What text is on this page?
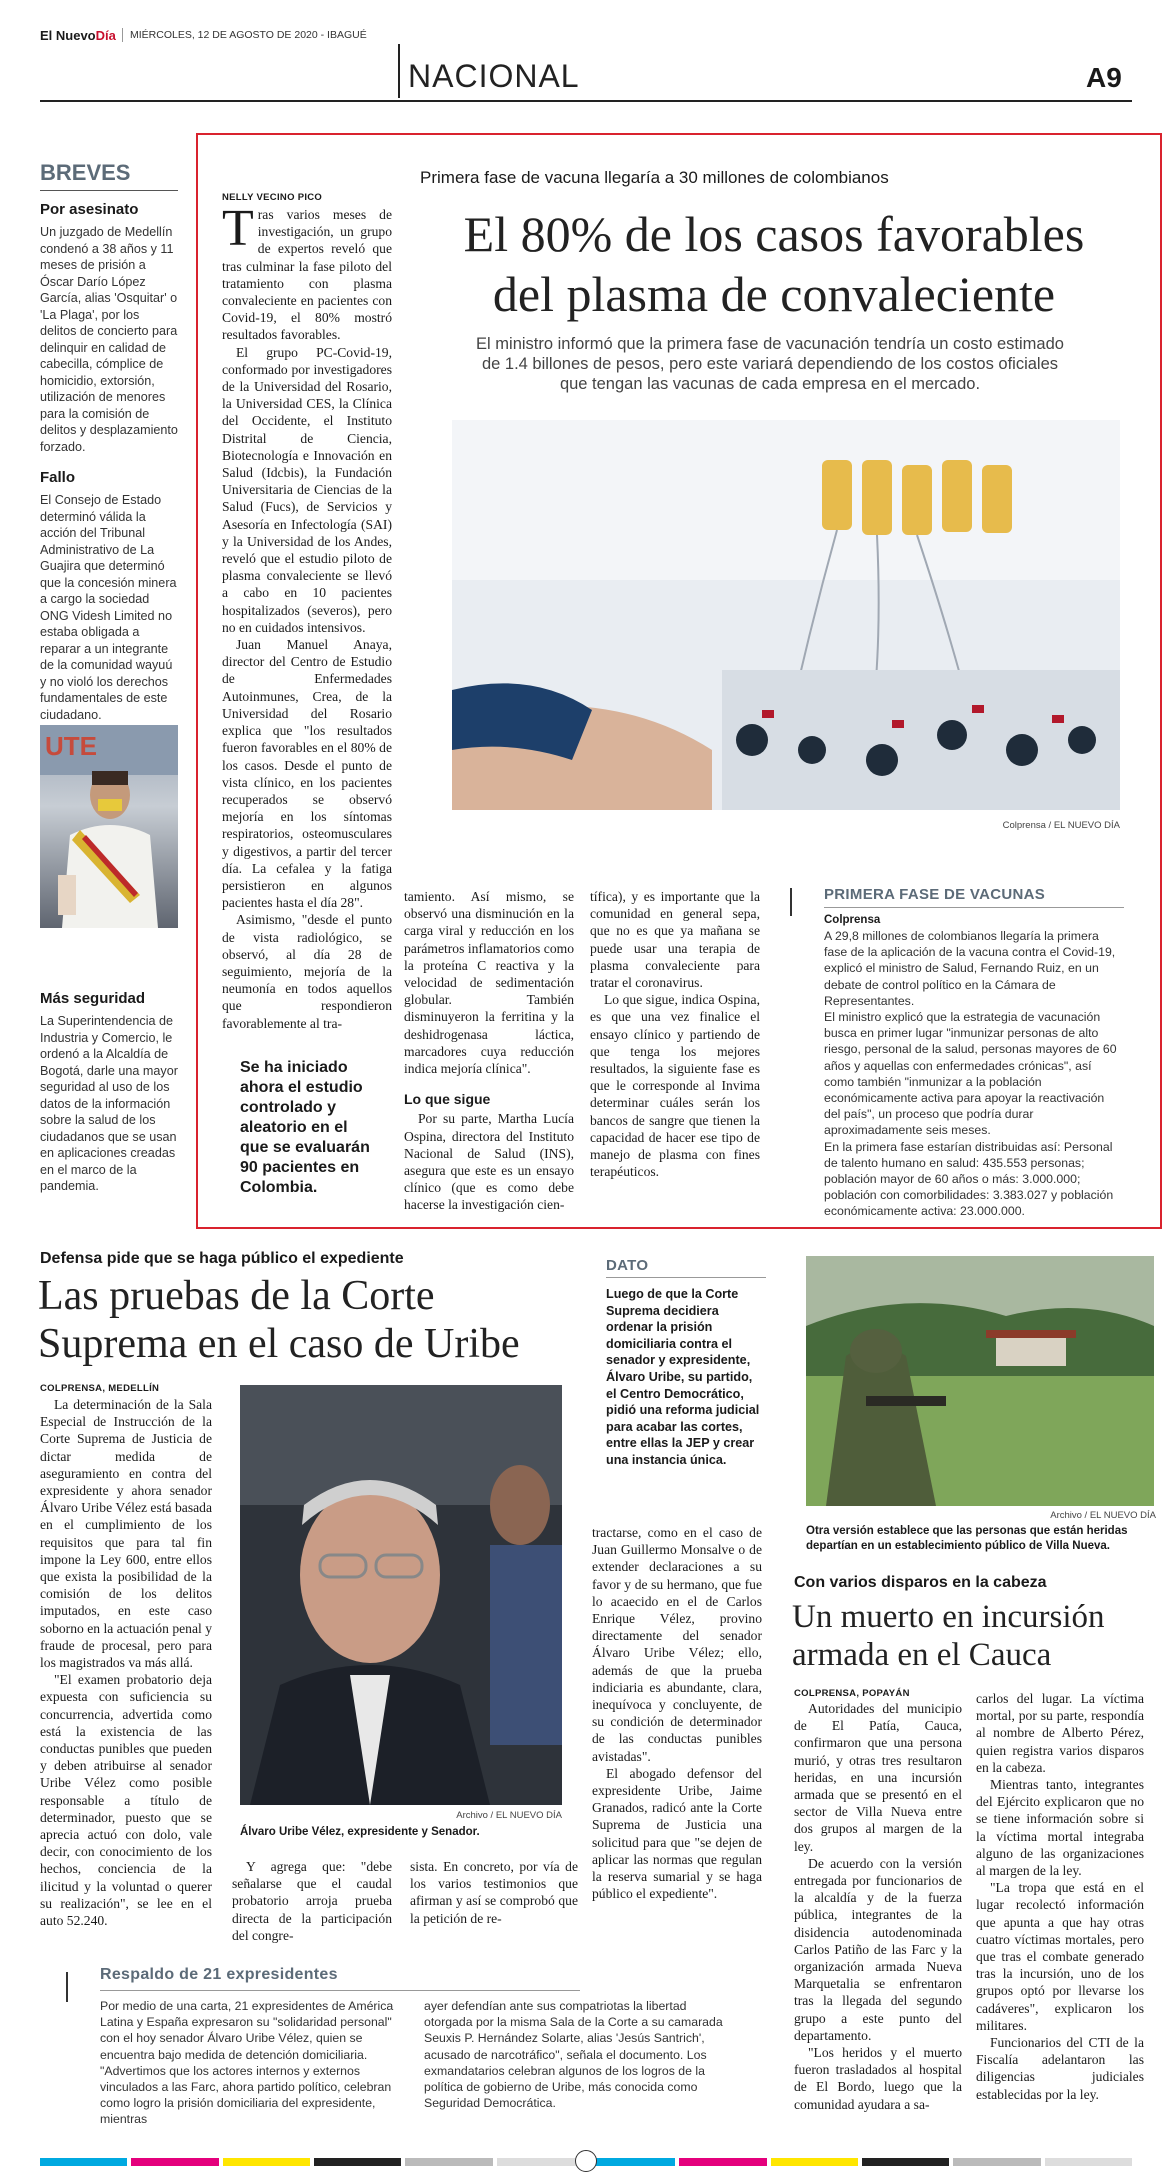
El NuevoDía MIÉRCOLES, 12 DE AGOSTO DE 2020 - IBAGUÉ
NACIONAL	A9
BREVES
Por asesinato

Un juzgado de Medellín condenó a 38 años y 11 meses de prisión a Óscar Darío López García, alias 'Osquitar' o 'La Plaga', por los delitos de concierto para delinquir en calidad de cabecilla, cómplice de homicidio, extorsión, utilización de menores para la comisión de delitos y desplazamiento forzado.

Fallo

El Consejo de Estado determinó válida la acción del Tribunal Administrativo de La Guajira que determinó que la concesión minera a cargo la sociedad ONG Videsh Limited no estaba obligada a reparar a un integrante de la comunidad wayuú y no violó los derechos fundamentales de este ciudadano.

UTE
Más seguridad

La Superintendencia de Industria y Comercio, le ordenó a la Alcaldía de Bogotá, darle una mayor seguridad al uso de los datos de la información sobre la salud de los ciudadanos que se usan en aplicaciones creadas en el marco de la pandemia.

Primera fase de vacuna llegaría a 30 millones de colombianos
El 80% de los casos favorables
del plasma de convaleciente
El ministro informó que la primera fase de vacunación tendría un costo estimado de 1.4 billones de pesos, pero este variará dependiendo de los costos oficiales que tengan las vacunas de cada empresa en el mercado.
Colprensa / EL NUEVO DÍA
NELLY VECINO PICO

Tras varios meses de investigación, un grupo de expertos reveló que tras culminar la fase piloto del tratamiento con plasma convaleciente en pacientes con Covid-19, el 80% mostró resultados favorables.

El grupo PC-Covid-19, conformado por investigadores de la Universidad del Rosario, la Universidad CES, la Clínica del Occidente, el Instituto Distrital de Ciencia, Biotecnología e Innovación en Salud (Idcbis), la Fundación Universitaria de Ciencias de la Salud (Fucs), de Servicios y Asesoría en Infectología (SAI) y la Universidad de los Andes, reveló que el estudio piloto de plasma convaleciente se llevó a cabo en 10 pacientes hospitalizados (severos), pero no en cuidados intensivos.

Juan Manuel Anaya, director del Centro de Estudio de Enfermedades Autoinmunes, Crea, de la Universidad del Rosario explica que "los resultados fueron favorables en el 80% de los casos. Desde el punto de vista clínico, en los pacientes recuperados se observó mejoría en los síntomas respiratorios, osteomusculares y digestivos, a partir del tercer día. La cefalea y la fatiga persistieron en algunos pacientes hasta el día 28".

Asimismo, "desde el punto de vista radiológico, se observó, al día 28 de seguimiento, mejoría de la neumonía en todos aquellos que respondieron favorablemente al tra-

Se ha iniciado ahora el estudio controlado y aleatorio en el que se evaluarán 90 pacientes en Colombia.

tamiento. Así mismo, se observó una disminución en la carga viral y reducción en los parámetros inflamatorios como la proteína C reactiva y la velocidad de sedimentación globular. También disminuyeron la ferritina y la deshidrogenasa láctica, marcadores cuya reducción indica mejoría clínica".

Lo que sigue

Por su parte, Martha Lucía Ospina, directora del Instituto Nacional de Salud (INS), asegura que este es un ensayo clínico (que es como debe hacerse la investigación cien-

tífica), y es importante que la comunidad en general sepa, que no es que ya mañana se puede usar una terapia de plasma convaleciente para tratar el coronavirus.

Lo que sigue, indica Ospina, es que una vez finalice el ensayo clínico y partiendo de que tenga los mejores resultados, la siguiente fase es que le corresponde al Invima determinar cuáles serán los bancos de sangre que tienen la capacidad de hacer ese tipo de manejo de plasma con fines terapéuticos.

PRIMERA FASE DE VACUNAS
Colprensa

A 29,8 millones de colombianos llegaría la primera fase de la aplicación de la vacuna contra el Covid-19, explicó el ministro de Salud, Fernando Ruiz, en un debate de control político en la Cámara de Representantes.

El ministro explicó que la estrategia de vacunación busca en primer lugar "inmunizar personas de alto riesgo, personal de la salud, personas mayores de 60 años y aquellas con enfermedades crónicas", así como también "inmunizar a la población económicamente activa para apoyar la reactivación del país", un proceso que podría durar aproximadamente seis meses.

En la primera fase estarían distribuidas así: Personal de talento humano en salud: 435.553 personas; población mayor de 60 años o más: 3.000.000; población con comorbilidades: 3.383.027 y población económicamente activa: 23.000.000.

Defensa pide que se haga público el expediente
Las pruebas de la Corte
Suprema en el caso de Uribe
COLPRENSA, MEDELLÍN

La determinación de la Sala Especial de Instrucción de la Corte Suprema de Justicia de dictar medida de aseguramiento en contra del expresidente y ahora senador Álvaro Uribe Vélez está basada en el cumplimiento de los requisitos que para tal fin impone la Ley 600, entre ellos que exista la posibilidad de la comisión de los delitos imputados, en este caso soborno en la actuación penal y fraude de procesal, pero para los magistrados va más allá.

"El examen probatorio deja expuesta con suficiencia su concurrencia, advertida como está la existencia de las conductas punibles que pueden y deben atribuirse al senador Uribe Vélez como posible responsable a título de determinador, puesto que se aprecia actuó con dolo, vale decir, con conocimiento de los hechos, conciencia de la ilicitud y la voluntad o querer su realización", se lee en el auto 52.240.

Archivo / EL NUEVO DÍA
Álvaro Uribe Vélez, expresidente y Senador.

Y agrega que: "debe señalarse que el caudal probatorio arroja prueba directa de la participación del congre-

sista. En concreto, por vía de los varios testimonios que afirman y así se comprobó que la petición de re-

tractarse, como en el caso de Juan Guillermo Monsalve o de extender declaraciones a su favor y de su hermano, que fue lo acaecido en el de Carlos Enrique Vélez, provino directamente del senador Álvaro Uribe Vélez; ello, además de que la prueba indiciaria es abundante, clara, inequívoca y concluyente, de su condición de determinador de las conductas punibles avistadas".

El abogado defensor del expresidente Uribe, Jaime Granados, radicó ante la Corte Suprema de Justicia una solicitud para que "se dejen de aplicar las normas que regulan la reserva sumarial y se haga público el expediente".

DATO
Luego de que la Corte Suprema decidiera ordenar la prisión domiciliaria contra el senador y expresidente, Álvaro Uribe, su partido, el Centro Democrático, pidió una reforma judicial para acabar las cortes, entre ellas la JEP y crear una instancia única.
Respaldo de 21 expresidentes
Por medio de una carta, 21 expresidentes de América Latina y España expresaron su "solidaridad personal" con el hoy senador Álvaro Uribe Vélez, quien se encuentra bajo medida de detención domiciliaria. "Advertimos que los actores internos y externos vinculados a las Farc, ahora partido político, celebran como logro la prisión domiciliaria del expresidente, mientras
ayer defendían ante sus compatriotas la libertad otorgada por la misma Sala de la Corte a su camarada Seuxis P. Hernández Solarte, alias 'Jesús Santrich', acusado de narcotráfico", señala el documento. Los exmandatarios celebran algunos de los logros de la política de gobierno de Uribe, más conocida como Seguridad Democrática.
Archivo / EL NUEVO DÍA
Otra versión establece que las personas que están heridas departían en un establecimiento público de Villa Nueva.
Con varios disparos en la cabeza
Un muerto en incursión
armada en el Cauca
COLPRENSA, POPAYÁN

Autoridades del municipio de El Patía, Cauca, confirmaron que una persona murió, y otras tres resultaron heridas, en una incursión armada que se presentó en el sector de Villa Nueva entre dos grupos al margen de la ley.

De acuerdo con la versión entregada por funcionarios de la alcaldía y de la fuerza pública, integrantes de la disidencia autodenominada Carlos Patiño de las Farc y la organización armada Nueva Marquetalia se enfrentaron tras la llegada del segundo grupo a este punto del departamento.

"Los heridos y el muerto fueron trasladados al hospital de El Bordo, luego que la comunidad ayudara a sa-

carlos del lugar. La víctima mortal, por su parte, respondía al nombre de Alberto Pérez, quien registra varios disparos en la cabeza.

Mientras tanto, integrantes del Ejército explicaron que no se tiene información sobre si la víctima mortal integraba alguno de las organizaciones al margen de la ley.

"La tropa que está en el lugar recolectó información que apunta a que hay otras cuatro víctimas mortales, pero que tras el combate generado tras la incursión, uno de los grupos optó por llevarse los cadáveres", explicaron los militares.

Funcionarios del CTI de la Fiscalía adelantaron las diligencias judiciales establecidas por la ley.
